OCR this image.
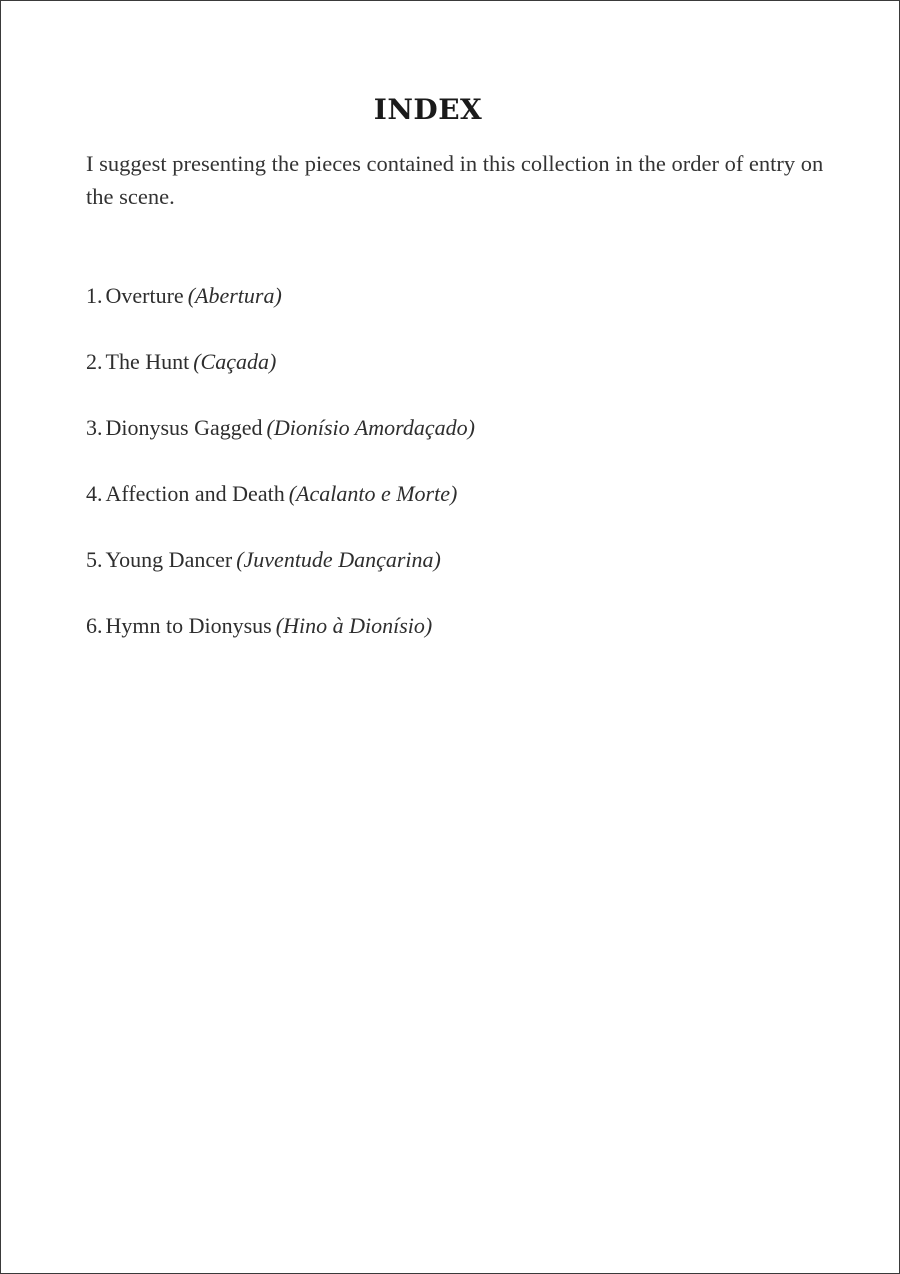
INDEX
I suggest presenting the pieces contained in this collection in the order of entry on the scene.
1. Overture (Abertura)
2. The Hunt (Caçada)
3. Dionysus Gagged (Dionísio Amordaçado)
4. Affection and Death (Acalanto e Morte)
5. Young Dancer (Juventude Dançarina)
6. Hymn to Dionysus (Hino à Dionísio)
